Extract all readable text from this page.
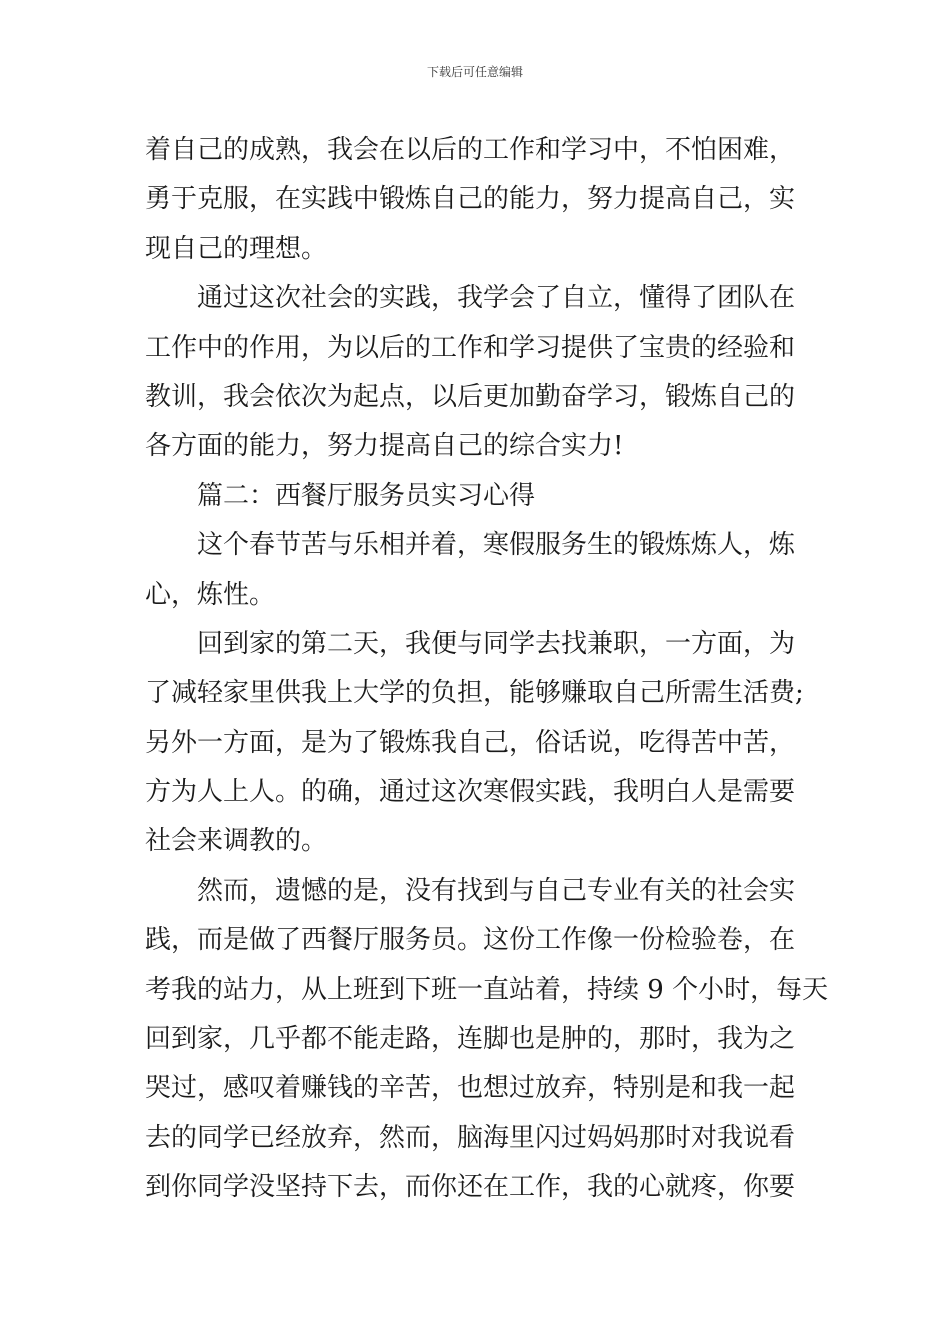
下载后可任意编辑
着自己的成熟，我会在以后的工作和学习中，不怕困难，
勇于克服，在实践中锻炼自己的能力，努力提高自己，实
现自己的理想。
通过这次社会的实践，我学会了自立，懂得了团队在
工作中的作用，为以后的工作和学习提供了宝贵的经验和
教训，我会依次为起点，以后更加勤奋学习，锻炼自己的
各方面的能力，努力提高自己的综合实力!
篇二：西餐厅服务员实习心得
这个春节苦与乐相并着，寒假服务生的锻炼炼人，炼
心，炼性。
回到家的第二天，我便与同学去找兼职，一方面，为
了减轻家里供我上大学的负担，能够赚取自己所需生活费;
另外一方面，是为了锻炼我自己，俗话说，吃得苦中苦，
方为人上人。的确，通过这次寒假实践，我明白人是需要
社会来调教的。
然而，遗憾的是，没有找到与自己专业有关的社会实
践，而是做了西餐厅服务员。这份工作像一份检验卷，在
考我的站力，从上班到下班一直站着，持续 9 个小时，每天
回到家，几乎都不能走路，连脚也是肿的，那时，我为之
哭过，感叹着赚钱的辛苦，也想过放弃，特别是和我一起
去的同学已经放弃，然而，脑海里闪过妈妈那时对我说看
到你同学没坚持下去，而你还在工作，我的心就疼，你要
